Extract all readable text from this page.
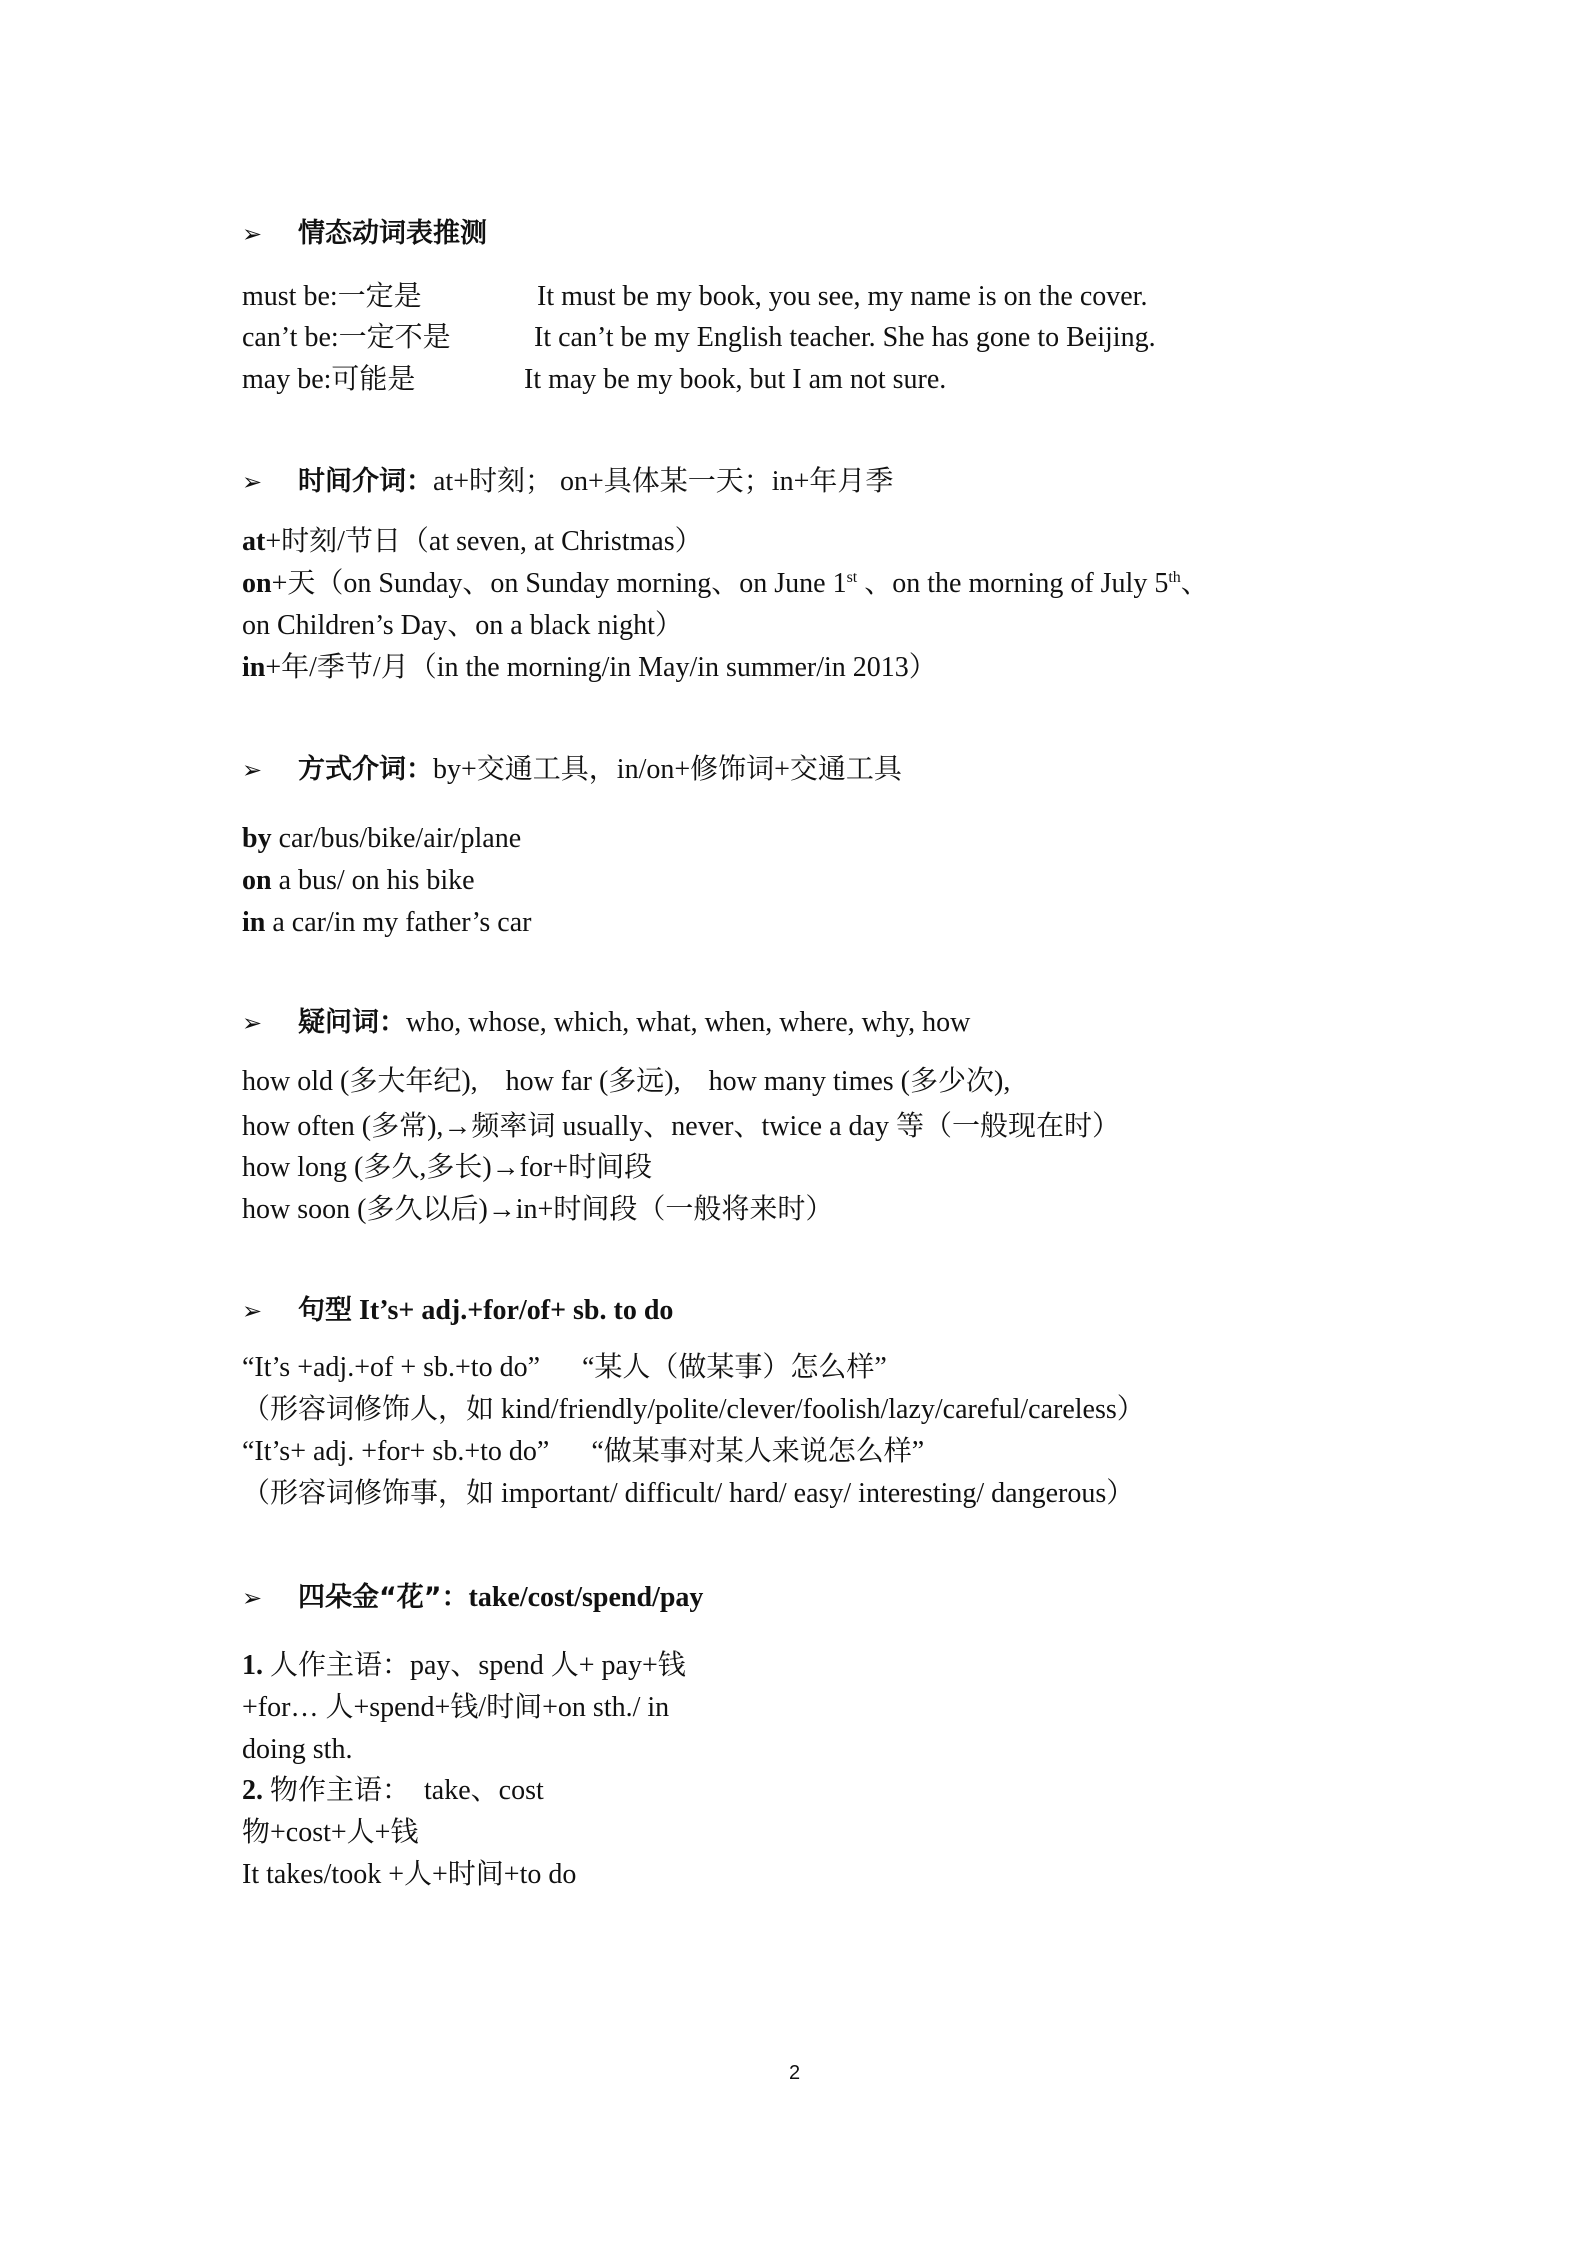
➢ 情态动词表推测
must be:一定是	It must be my book, you see, my name is on the cover.
can’t be:一定不是	It can’t be my English teacher. She has gone to Beijing.
may be:可能是	It may be my book, but I am not sure.
➢ 时间介词：at+时刻； on+具体某一天；in+年月季
at+时刻/节日（at seven, at Christmas）
on+天（on Sunday、on Sunday morning、on June 1st 、on the morning of July 5th、
on Children’s Day、on a black night）
in+年/季节/月（in the morning/in May/in summer/in 2013）
➢ 方式介词：by+交通工具，in/on+修饰词+交通工具
by car/bus/bike/air/plane
on a bus/ on his bike
in a car/in my father’s car
➢ 疑问词：who, whose, which, what, when, where, why, how
how old (多大年纪),    how far (多远),    how many times (多少次),
how often (多常),→频率词 usually、never、twice a day 等（一般现在时）
how long (多久,多长)→for+时间段
how soon (多久以后)→in+时间段（一般将来时）
➢ 句型 It’s+ adj.+for/of+ sb. to do
“It’s +adj.+of + sb.+to do”      “某人（做某事）怎么样”
（形容词修饰人，如 kind/friendly/polite/clever/foolish/lazy/careful/careless）
“It’s+ adj. +for+ sb.+to do”      “做某事对某人来说怎么样”
（形容词修饰事，如 important/ difficult/ hard/ easy/ interesting/ dangerous）
➢ 四朵金“花”：take/cost/spend/pay
1. 人作主语：pay、spend 人+ pay+钱
+for… 人+spend+钱/时间+on sth./ in
doing sth.
2. 物作主语：  take、cost
物+cost+人+钱
It takes/took +人+时间+to do
2
